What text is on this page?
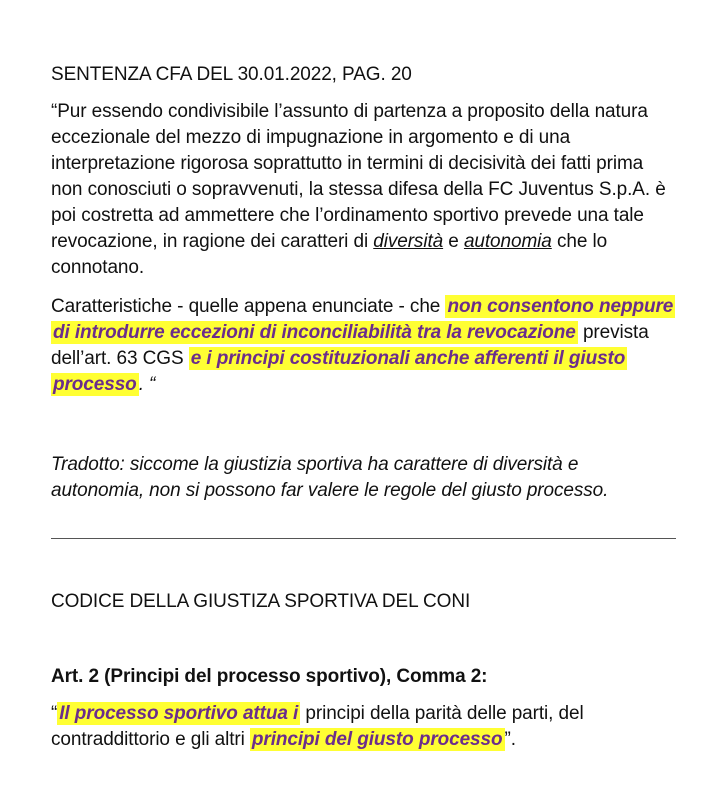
SENTENZA CFA DEL 30.01.2022, PAG. 20

“Pur essendo condivisibile l’assunto di partenza a proposito della natura eccezionale del mezzo di impugnazione in argomento e di una interpretazione rigorosa soprattutto in termini di decisività dei fatti prima non conosciuti o sopravvenuti, la stessa difesa della FC Juventus S.p.A. è poi costretta ad ammettere che l’ordinamento sportivo prevede una tale revocazione, in ragione dei caratteri di diversità e autonomia che lo connotano.

Caratteristiche - quelle appena enunciate - che non consentono neppure di introdurre eccezioni di inconciliabilità tra la revocazione prevista dell’art. 63 CGS e i principi costituzionali anche afferenti il giusto processo . “

Tradotto: siccome la giustizia sportiva ha carattere di diversità e autonomia, non si possono far valere le regole del giusto processo.

CODICE DELLA GIUSTIZA SPORTIVA DEL CONI

Art. 2 (Principi del processo sportivo), Comma 2:

“ Il processo sportivo attua i principi della parità delle parti, del contraddittorio e gli altri principi del giusto processo ”.
